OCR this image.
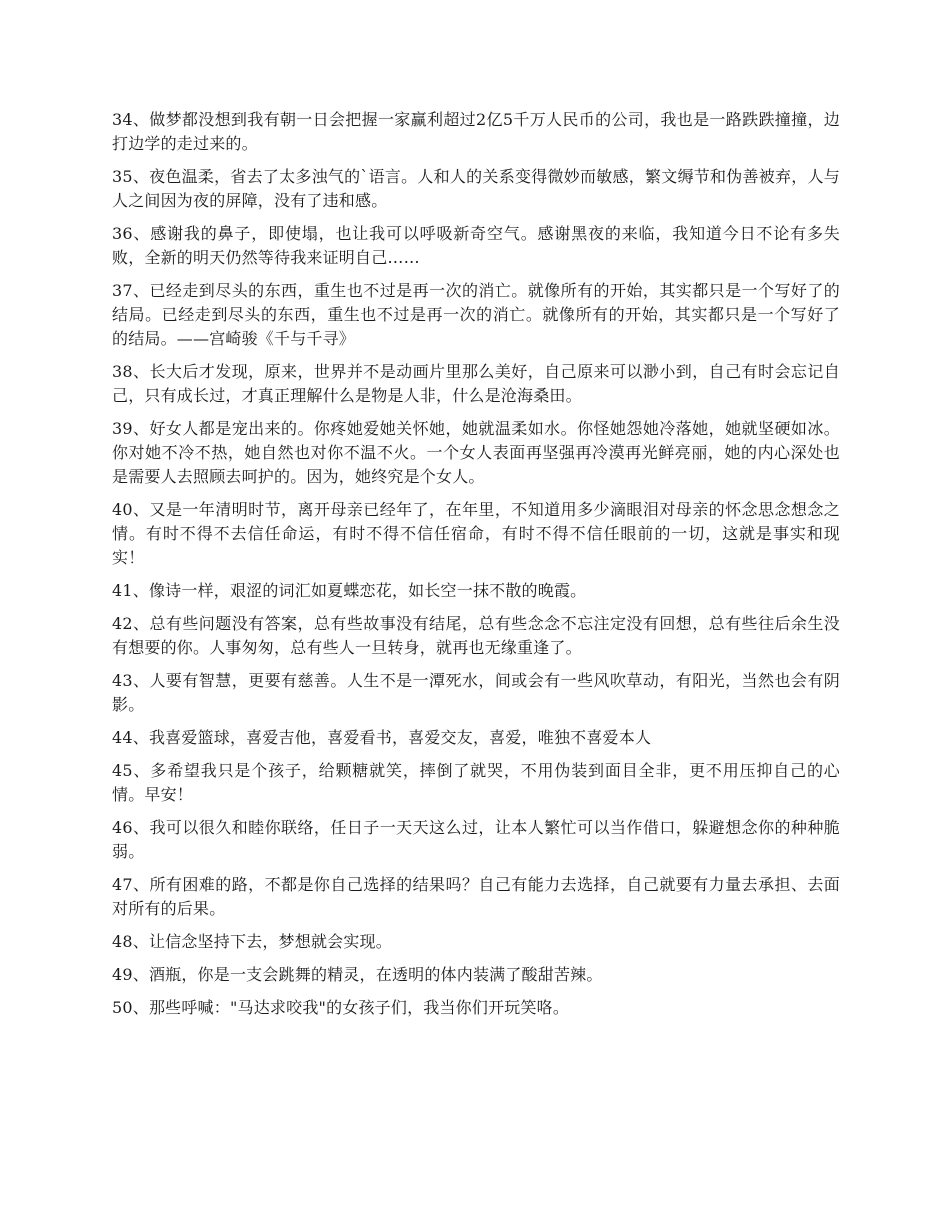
34、做梦都没想到我有朝一日会把握一家赢利超过2亿5千万人民币的公司，我也是一路跌跌撞撞，边打边学的走过来的。

35、夜色温柔，省去了太多浊气的`语言。人和人的关系变得微妙而敏感，繁文缛节和伪善被弃，人与人之间因为夜的屏障，没有了违和感。

36、感谢我的鼻子，即使塌，也让我可以呼吸新奇空气。感谢黑夜的来临，我知道今日不论有多失败，全新的明天仍然等待我来证明自己……

37、已经走到尽头的东西，重生也不过是再一次的消亡。就像所有的开始，其实都只是一个写好了的结局。已经走到尽头的东西，重生也不过是再一次的消亡。就像所有的开始，其实都只是一个写好了的结局。——宫崎骏《千与千寻》

38、长大后才发现，原来，世界并不是动画片里那么美好，自己原来可以渺小到，自己有时会忘记自己，只有成长过，才真正理解什么是物是人非，什么是沧海桑田。

39、好女人都是宠出来的。你疼她爱她关怀她，她就温柔如水。你怪她怨她冷落她，她就坚硬如冰。你对她不冷不热，她自然也对你不温不火。一个女人表面再坚强再冷漠再光鲜亮丽，她的内心深处也是需要人去照顾去呵护的。因为，她终究是个女人。

40、又是一年清明时节，离开母亲已经年了，在年里，不知道用多少滴眼泪对母亲的怀念思念想念之情。有时不得不去信任命运，有时不得不信任宿命，有时不得不信任眼前的一切，这就是事实和现实！

41、像诗一样，艰涩的词汇如夏蝶恋花，如长空一抹不散的晚霞。

42、总有些问题没有答案，总有些故事没有结尾，总有些念念不忘注定没有回想，总有些往后余生没有想要的你。人事匆匆，总有些人一旦转身，就再也无缘重逢了。

43、人要有智慧，更要有慈善。人生不是一潭死水，间或会有一些风吹草动，有阳光，当然也会有阴影。

44、我喜爱篮球，喜爱吉他，喜爱看书，喜爱交友，喜爱，唯独不喜爱本人

45、多希望我只是个孩子，给颗糖就笑，摔倒了就哭，不用伪装到面目全非，更不用压抑自己的心情。早安！

46、我可以很久和睦你联络，任日子一天天这么过，让本人繁忙可以当作借口，躲避想念你的种种脆弱。

47、所有困难的路，不都是你自己选择的结果吗？自己有能力去选择，自己就要有力量去承担、去面对所有的后果。

48、让信念坚持下去，梦想就会实现。

49、酒瓶，你是一支会跳舞的精灵，在透明的体内装满了酸甜苦辣。

50、那些呼喊："马达求咬我"的女孩子们，我当你们开玩笑咯。
